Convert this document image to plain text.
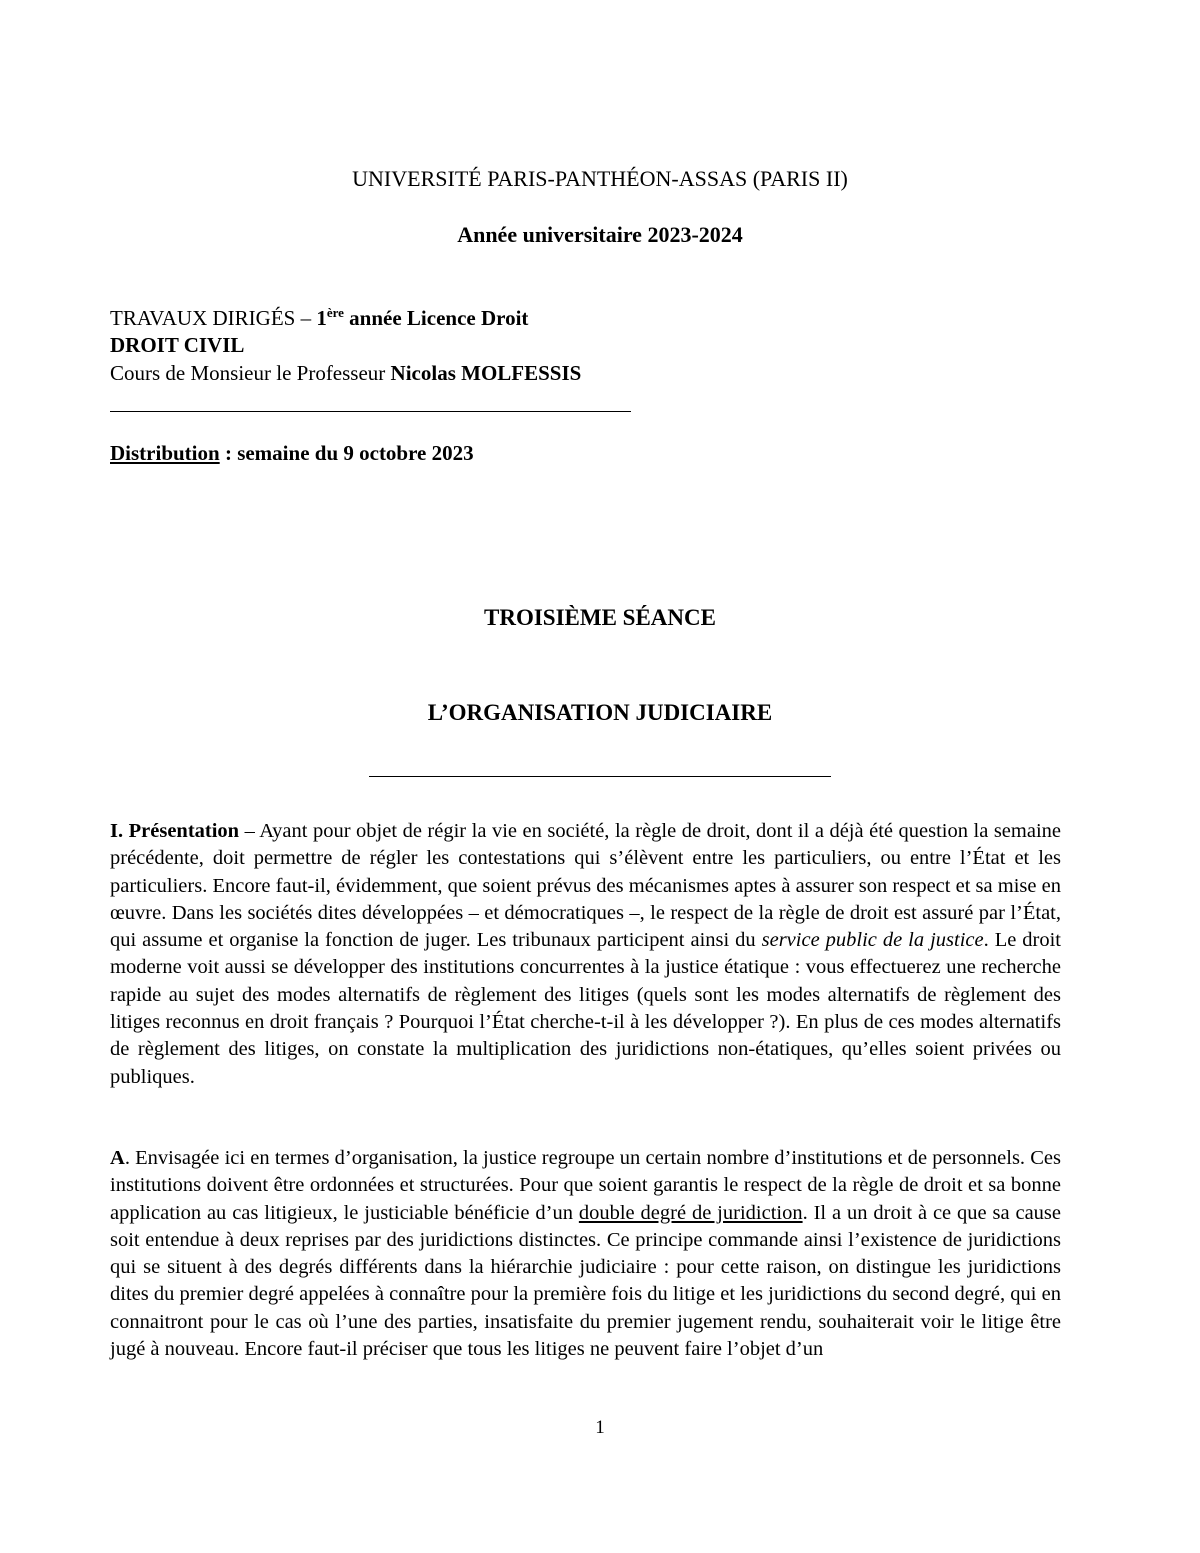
UNIVERSITÉ PARIS-PANTHÉON-ASSAS (PARIS II)
Année universitaire 2023-2024
TRAVAUX DIRIGÉS – 1ère année Licence Droit
DROIT CIVIL
Cours de Monsieur le Professeur Nicolas MOLFESSIS
Distribution : semaine du 9 octobre 2023
TROISIÈME SÉANCE
L’ORGANISATION JUDICIAIRE

I. Présentation – Ayant pour objet de régir la vie en société, la règle de droit, dont il a déjà été question la semaine précédente, doit permettre de régler les contestations qui s’élèvent entre les particuliers, ou entre l’État et les particuliers. Encore faut-il, évidemment, que soient prévus des mécanismes aptes à assurer son respect et sa mise en œuvre. Dans les sociétés dites développées – et démocratiques –, le respect de la règle de droit est assuré par l’État, qui assume et organise la fonction de juger. Les tribunaux participent ainsi du service public de la justice. Le droit moderne voit aussi se développer des institutions concurrentes à la justice étatique : vous effectuerez une recherche rapide au sujet des modes alternatifs de règlement des litiges (quels sont les modes alternatifs de règlement des litiges reconnus en droit français ? Pourquoi l’État cherche-t-il à les développer ?). En plus de ces modes alternatifs de règlement des litiges, on constate la multiplication des juridictions non-étatiques, qu’elles soient privées ou publiques.

A. Envisagée ici en termes d’organisation, la justice regroupe un certain nombre d’institutions et de personnels. Ces institutions doivent être ordonnées et structurées. Pour que soient garantis le respect de la règle de droit et sa bonne application au cas litigieux, le justiciable bénéficie d’un double degré de juridiction. Il a un droit à ce que sa cause soit entendue à deux reprises par des juridictions distinctes. Ce principe commande ainsi l’existence de juridictions qui se situent à des degrés différents dans la hiérarchie judiciaire : pour cette raison, on distingue les juridictions dites du premier degré appelées à connaître pour la première fois du litige et les juridictions du second degré, qui en connaitront pour le cas où l’une des parties, insatisfaite du premier jugement rendu, souhaiterait voir le litige être jugé à nouveau. Encore faut-il préciser que tous les litiges ne peuvent faire l’objet d’un

1
